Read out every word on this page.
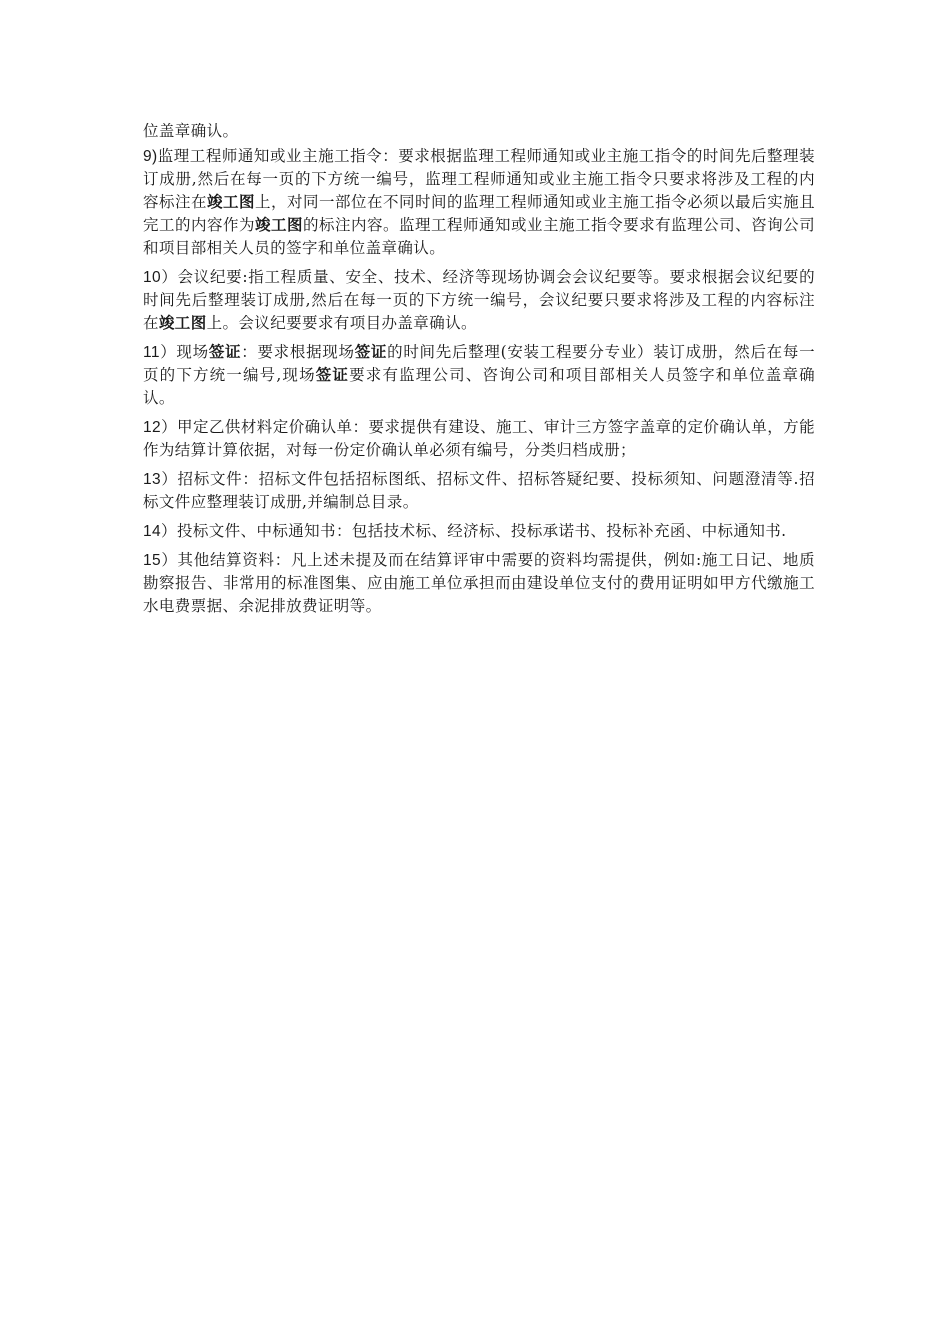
位盖章确认。

9)监理工程师通知或业主施工指令：要求根据监理工程师通知或业主施工指令的时间先后整理装订成册,然后在每一页的下方统一编号，监理工程师通知或业主施工指令只要求将涉及工程的内容标注在竣工图上，对同一部位在不同时间的监理工程师通知或业主施工指令必须以最后实施且完工的内容作为竣工图的标注内容。监理工程师通知或业主施工指令要求有监理公司、咨询公司和项目部相关人员的签字和单位盖章确认。

10）会议纪要:指工程质量、安全、技术、经济等现场协调会会议纪要等。要求根据会议纪要的时间先后整理装订成册,然后在每一页的下方统一编号，会议纪要只要求将涉及工程的内容标注在竣工图上。会议纪要要求有项目办盖章确认。

11）现场签证：要求根据现场签证的时间先后整理(安装工程要分专业）装订成册，然后在每一页的下方统一编号,现场签证要求有监理公司、咨询公司和项目部相关人员签字和单位盖章确认。

12）甲定乙供材料定价确认单：要求提供有建设、施工、审计三方签字盖章的定价确认单，方能作为结算计算依据，对每一份定价确认单必须有编号，分类归档成册；

13）招标文件：招标文件包括招标图纸、招标文件、招标答疑纪要、投标须知、问题澄清等.招标文件应整理装订成册,并编制总目录。

14）投标文件、中标通知书：包括技术标、经济标、投标承诺书、投标补充函、中标通知书.

15）其他结算资料：凡上述未提及而在结算评审中需要的资料均需提供，例如:施工日记、地质勘察报告、非常用的标准图集、应由施工单位承担而由建设单位支付的费用证明如甲方代缴施工水电费票据、余泥排放费证明等。
